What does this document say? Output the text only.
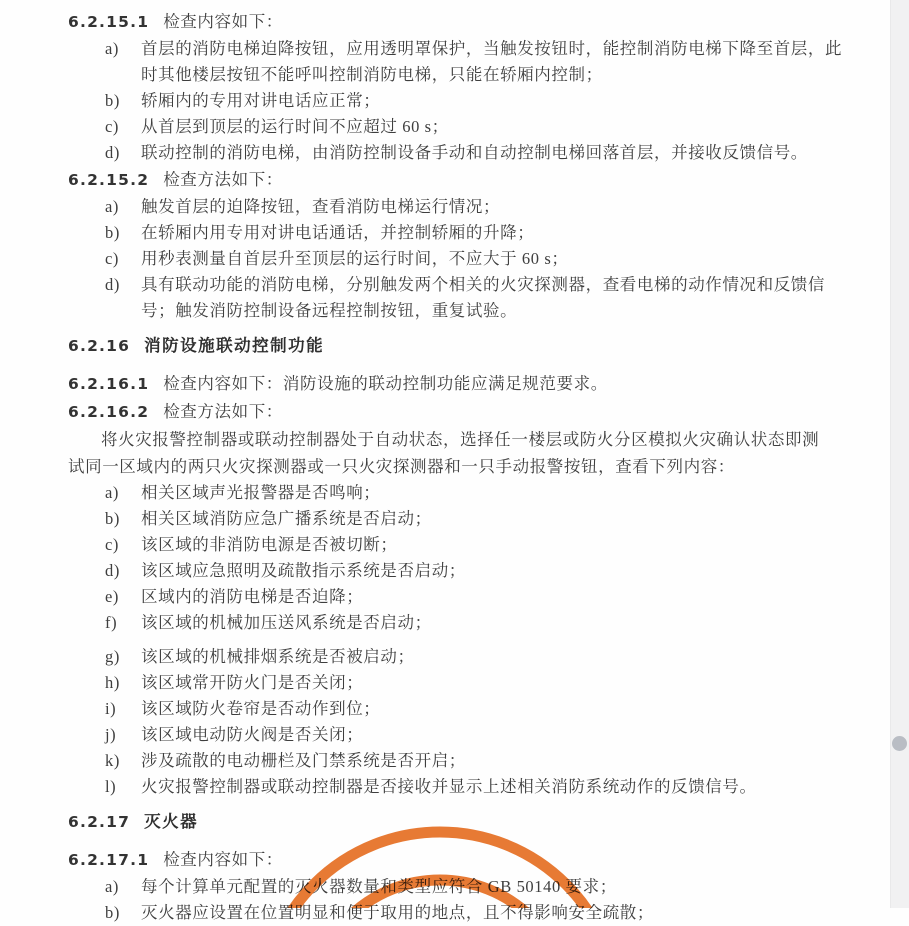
6.2.15.1 检查内容如下：
a)	首层的消防电梯迫降按钮，应用透明罩保护，当触发按钮时，能控制消防电梯下降至首层，此时其他楼层按钮不能呼叫控制消防电梯，只能在轿厢内控制；
b)	轿厢内的专用对讲电话应正常；
c)	从首层到顶层的运行时间不应超过 60 s；
d)	联动控制的消防电梯，由消防控制设备手动和自动控制电梯回落首层，并接收反馈信号。
6.2.15.2 检查方法如下：
a)	触发首层的迫降按钮，查看消防电梯运行情况；
b)	在轿厢内用专用对讲电话通话，并控制轿厢的升降；
c)	用秒表测量自首层升至顶层的运行时间，不应大于 60 s；
d)	具有联动功能的消防电梯，分别触发两个相关的火灾探测器，查看电梯的动作情况和反馈信号；触发消防控制设备远程控制按钮，重复试验。
6.2.16 消防设施联动控制功能
6.2.16.1 检查内容如下：消防设施的联动控制功能应满足规范要求。
6.2.16.2 检查方法如下：
将火灾报警控制器或联动控制器处于自动状态，选择任一楼层或防火分区模拟火灾确认状态即测试同一区域内的两只火灾探测器或一只火灾探测器和一只手动报警按钮，查看下列内容：
a)	相关区域声光报警器是否鸣响；
b)	相关区域消防应急广播系统是否启动；
c)	该区域的非消防电源是否被切断；
d)	该区域应急照明及疏散指示系统是否启动；
e)	区域内的消防电梯是否迫降；
f)	该区域的机械加压送风系统是否启动；
g)	该区域的机械排烟系统是否被启动；
h)	该区域常开防火门是否关闭；
i)	该区域防火卷帘是否动作到位；
j)	该区域电动防火阀是否关闭；
k)	涉及疏散的电动栅栏及门禁系统是否开启；
l)	火灾报警控制器或联动控制器是否接收并显示上述相关消防系统动作的反馈信号。
6.2.17 灭火器
6.2.17.1 检查内容如下：
a)	每个计算单元配置的灭火器数量和类型应符合 GB 50140 要求；
b)	灭火器应设置在位置明显和便于取用的地点，且不得影响安全疏散；
